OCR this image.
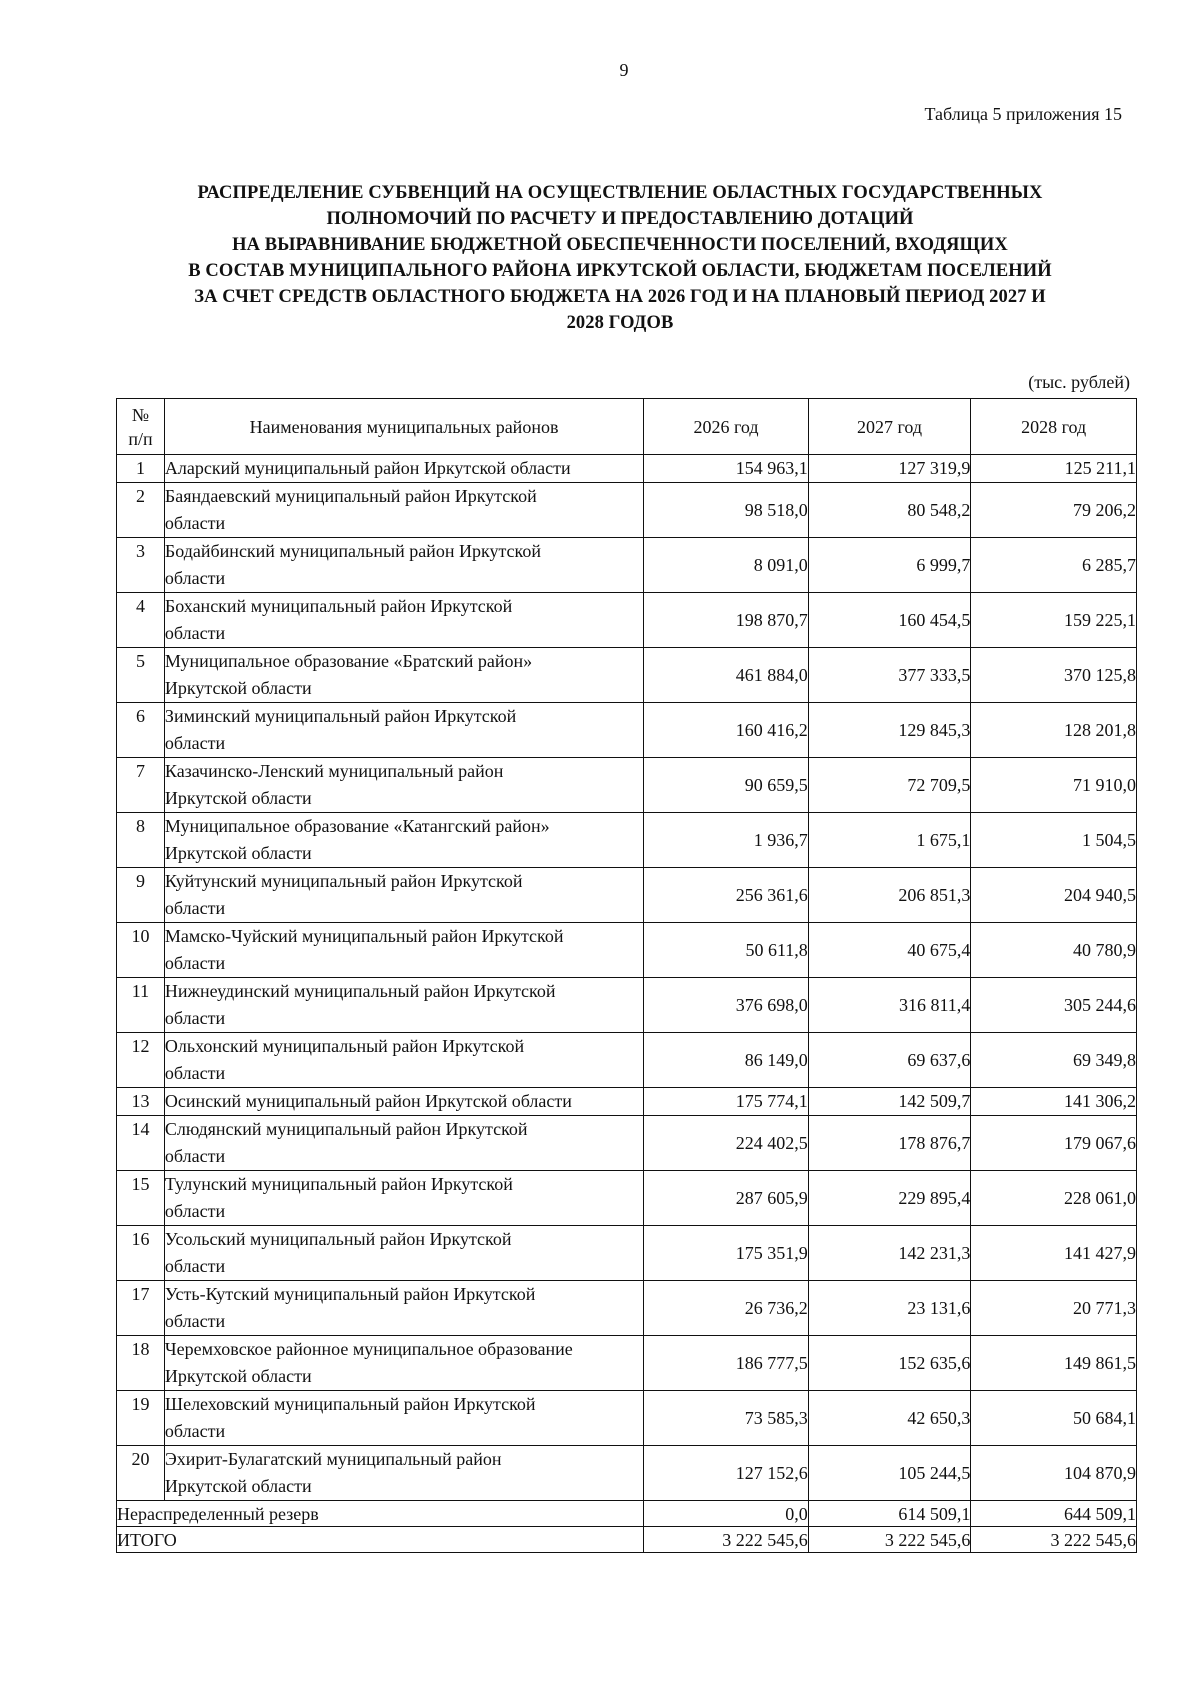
9
Таблица 5 приложения 15
РАСПРЕДЕЛЕНИЕ СУБВЕНЦИЙ НА ОСУЩЕСТВЛЕНИЕ ОБЛАСТНЫХ ГОСУДАРСТВЕННЫХ
ПОЛНОМОЧИЙ ПО РАСЧЕТУ И ПРЕДОСТАВЛЕНИЮ ДОТАЦИЙ
НА ВЫРАВНИВАНИЕ БЮДЖЕТНОЙ ОБЕСПЕЧЕННОСТИ ПОСЕЛЕНИЙ, ВХОДЯЩИХ
В СОСТАВ МУНИЦИПАЛЬНОГО РАЙОНА ИРКУТСКОЙ ОБЛАСТИ, БЮДЖЕТАМ ПОСЕЛЕНИЙ
ЗА СЧЕТ СРЕДСТВ ОБЛАСТНОГО БЮДЖЕТА НА 2026 ГОД И НА ПЛАНОВЫЙ ПЕРИОД 2027 И
2028 ГОДОВ
(тыс. рублей)
№
п/п	Наименования муниципальных районов	2026 год	2027 год	2028 год
1	Аларский муниципальный район Иркутской области	154 963,1	127 319,9	125 211,1
2	Баяндаевский муниципальный район Иркутской
области	98 518,0	80 548,2	79 206,2
3	Бодайбинский муниципальный район Иркутской
области	8 091,0	6 999,7	6 285,7
4	Боханский муниципальный район Иркутской
области	198 870,7	160 454,5	159 225,1
5	Муниципальное образование «Братский район»
Иркутской области	461 884,0	377 333,5	370 125,8
6	Зиминский муниципальный район Иркутской
области	160 416,2	129 845,3	128 201,8
7	Казачинско-Ленский муниципальный район
Иркутской области	90 659,5	72 709,5	71 910,0
8	Муниципальное образование «Катангский район»
Иркутской области	1 936,7	1 675,1	1 504,5
9	Куйтунский муниципальный район Иркутской
области	256 361,6	206 851,3	204 940,5
10	Мамско-Чуйский муниципальный район Иркутской
области	50 611,8	40 675,4	40 780,9
11	Нижнеудинский муниципальный район Иркутской
области	376 698,0	316 811,4	305 244,6
12	Ольхонский муниципальный район Иркутской
области	86 149,0	69 637,6	69 349,8
13	Осинский муниципальный район Иркутской области	175 774,1	142 509,7	141 306,2
14	Слюдянский муниципальный район Иркутской
области	224 402,5	178 876,7	179 067,6
15	Тулунский муниципальный район Иркутской
области	287 605,9	229 895,4	228 061,0
16	Усольский муниципальный район Иркутской
области	175 351,9	142 231,3	141 427,9
17	Усть-Кутский муниципальный район Иркутской
области	26 736,2	23 131,6	20 771,3
18	Черемховское районное муниципальное образование
Иркутской области	186 777,5	152 635,6	149 861,5
19	Шелеховский муниципальный район Иркутской
области	73 585,3	42 650,3	50 684,1
20	Эхирит-Булагатский муниципальный район
Иркутской области	127 152,6	105 244,5	104 870,9
Нераспределенный резерв		0,0	614 509,1	644 509,1
ИТОГО		3 222 545,6	3 222 545,6	3 222 545,6
